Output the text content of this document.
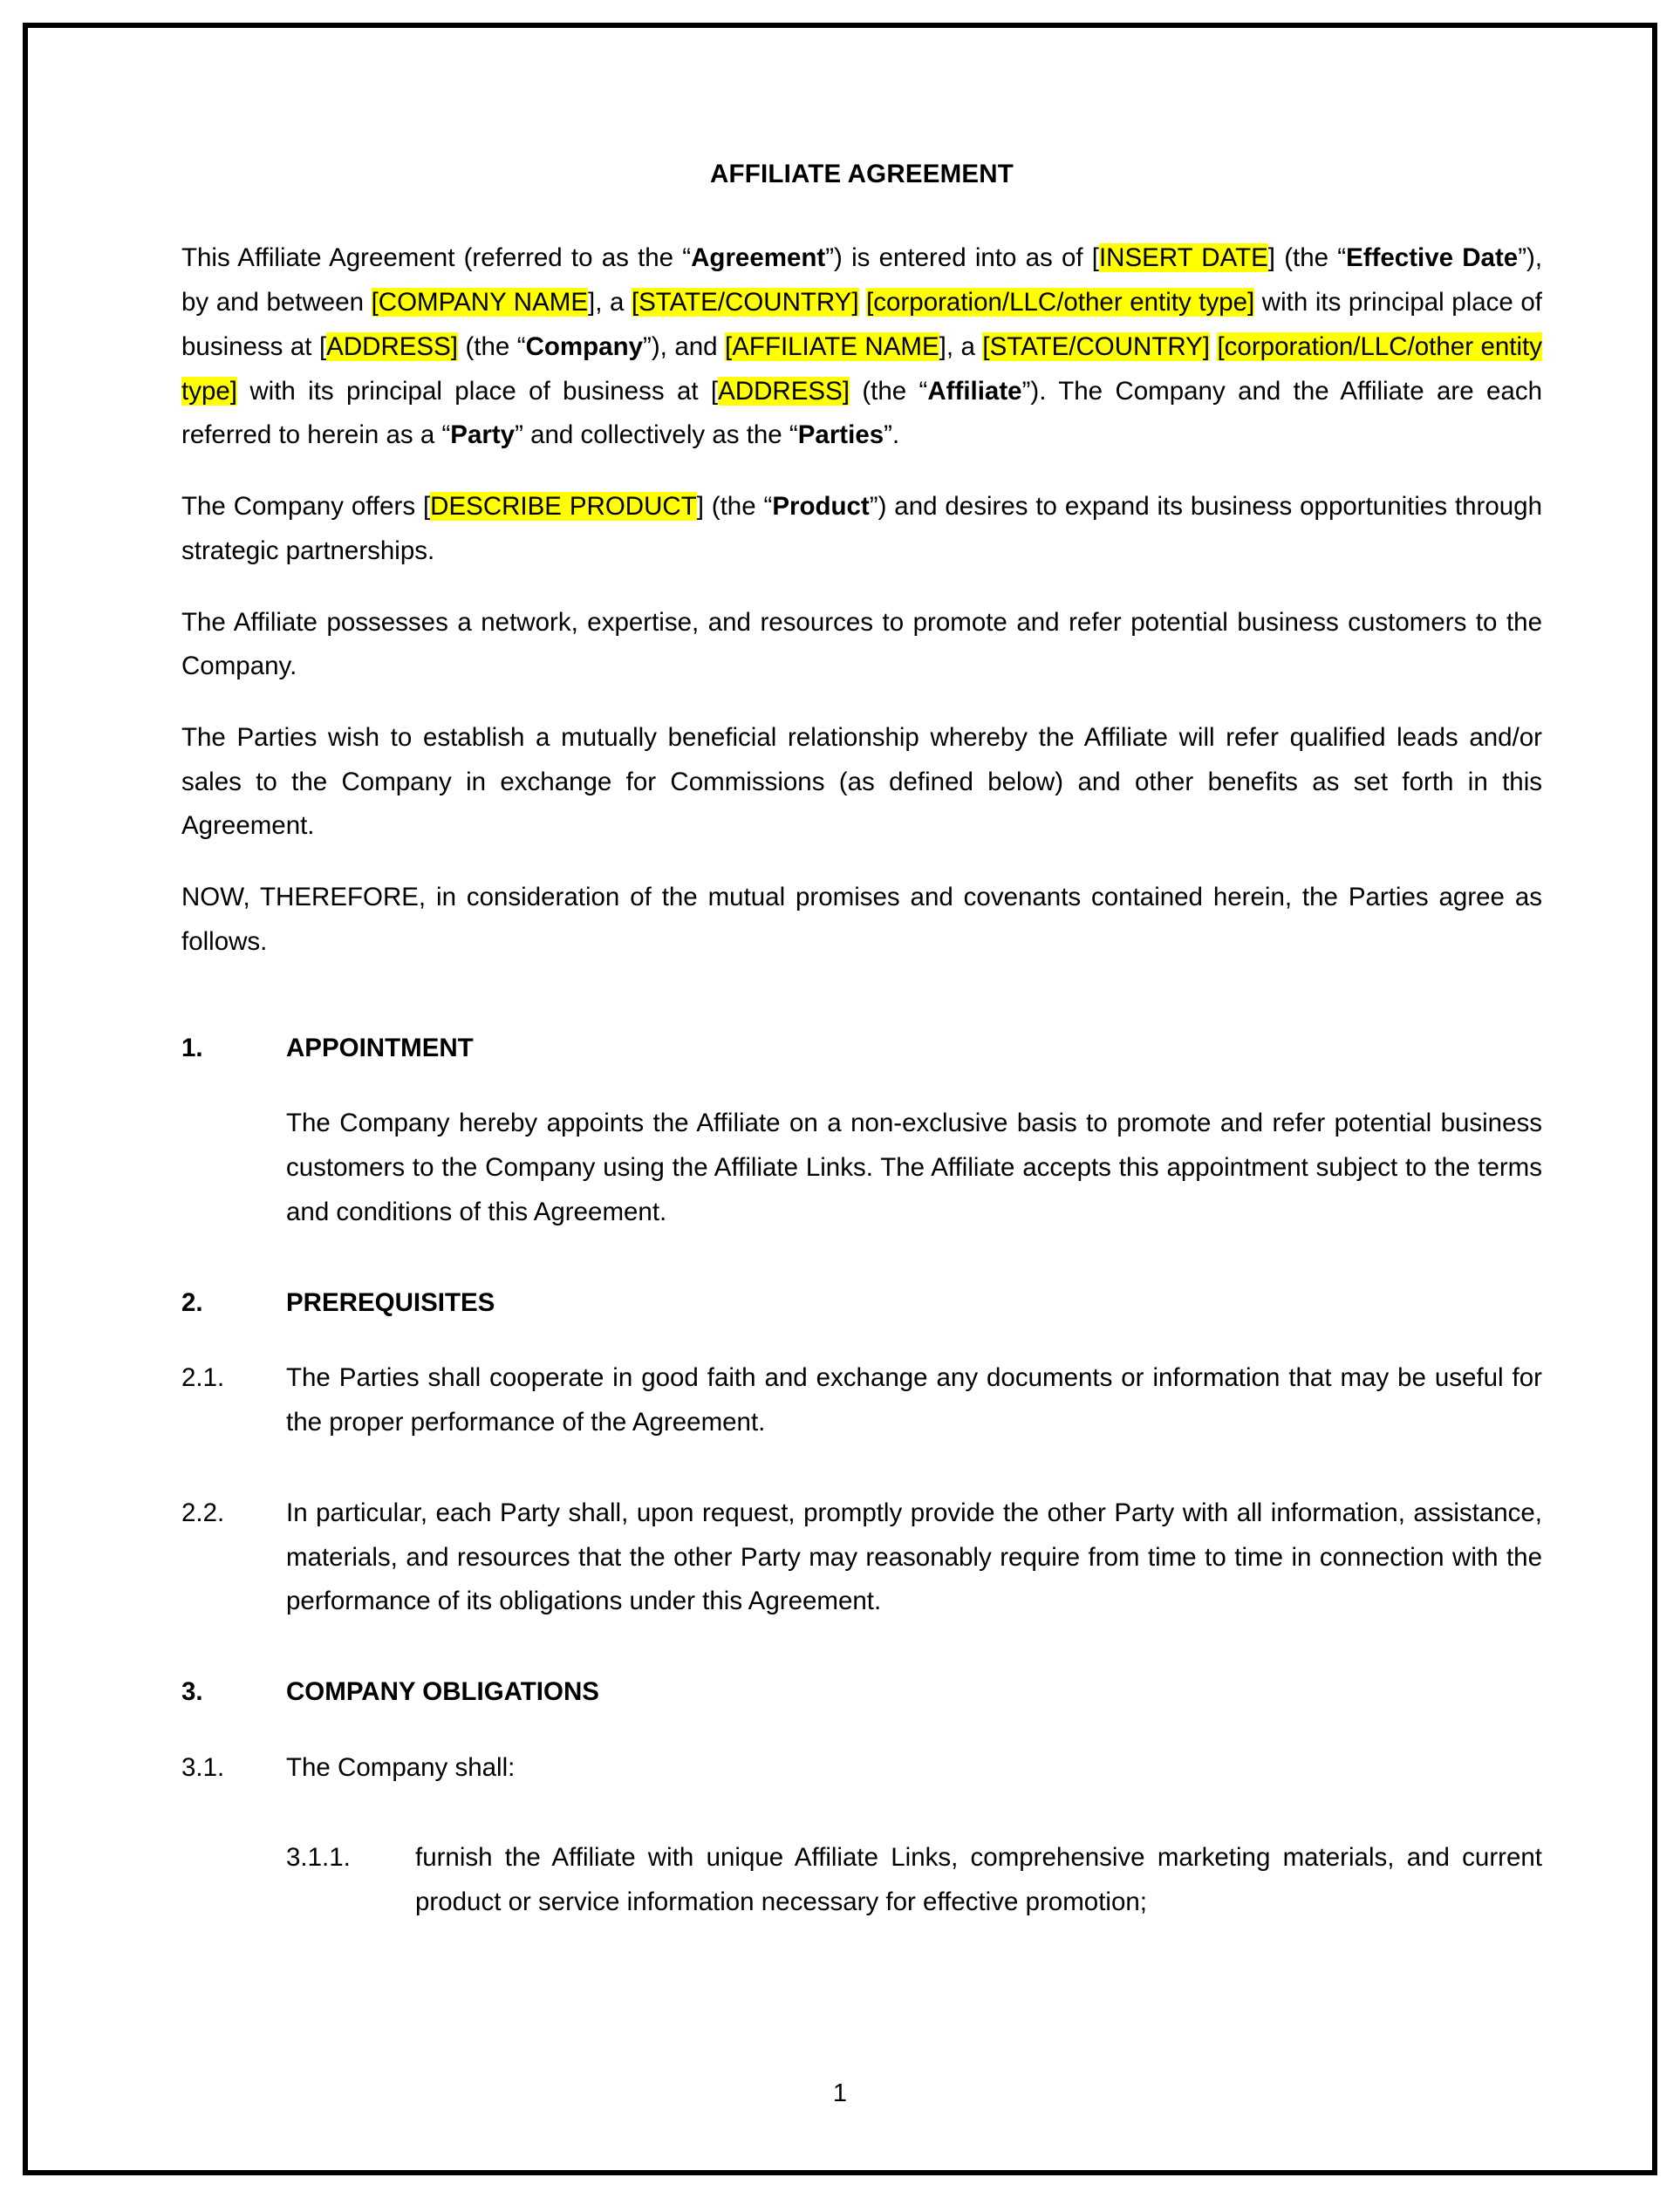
AFFILIATE AGREEMENT

This Affiliate Agreement (referred to as the “Agreement”) is entered into as of [INSERT DATE] (the “Effective Date”), by and between [COMPANY NAME], a [STATE/COUNTRY] [corporation/LLC/other entity type] with its principal place of business at [ADDRESS] (the “Company”), and [AFFILIATE NAME], a [STATE/COUNTRY] [corporation/LLC/other entity type] with its principal place of business at [ADDRESS] (the “Affiliate”). The Company and the Affiliate are each referred to herein as a “Party” and collectively as the “Parties”.

The Company offers [DESCRIBE PRODUCT] (the “Product”) and desires to expand its business opportunities through strategic partnerships.

The Affiliate possesses a network, expertise, and resources to promote and refer potential business customers to the Company.

The Parties wish to establish a mutually beneficial relationship whereby the Affiliate will refer qualified leads and/or sales to the Company in exchange for Commissions (as defined below) and other benefits as set forth in this Agreement.

NOW, THEREFORE, in consideration of the mutual promises and covenants contained herein, the Parties agree as follows.

1.	APPOINTMENT

The Company hereby appoints the Affiliate on a non-exclusive basis to promote and refer potential business customers to the Company using the Affiliate Links. The Affiliate accepts this appointment subject to the terms and conditions of this Agreement.

2.	PREREQUISITES
2.1.	The Parties shall cooperate in good faith and exchange any documents or information that may be useful for the proper performance of the Agreement.
2.2.	In particular, each Party shall, upon request, promptly provide the other Party with all information, assistance, materials, and resources that the other Party may reasonably require from time to time in connection with the performance of its obligations under this Agreement.
3.	COMPANY OBLIGATIONS
3.1.	The Company shall:
3.1.1.	furnish the Affiliate with unique Affiliate Links, comprehensive marketing materials, and current product or service information necessary for effective promotion;
1
